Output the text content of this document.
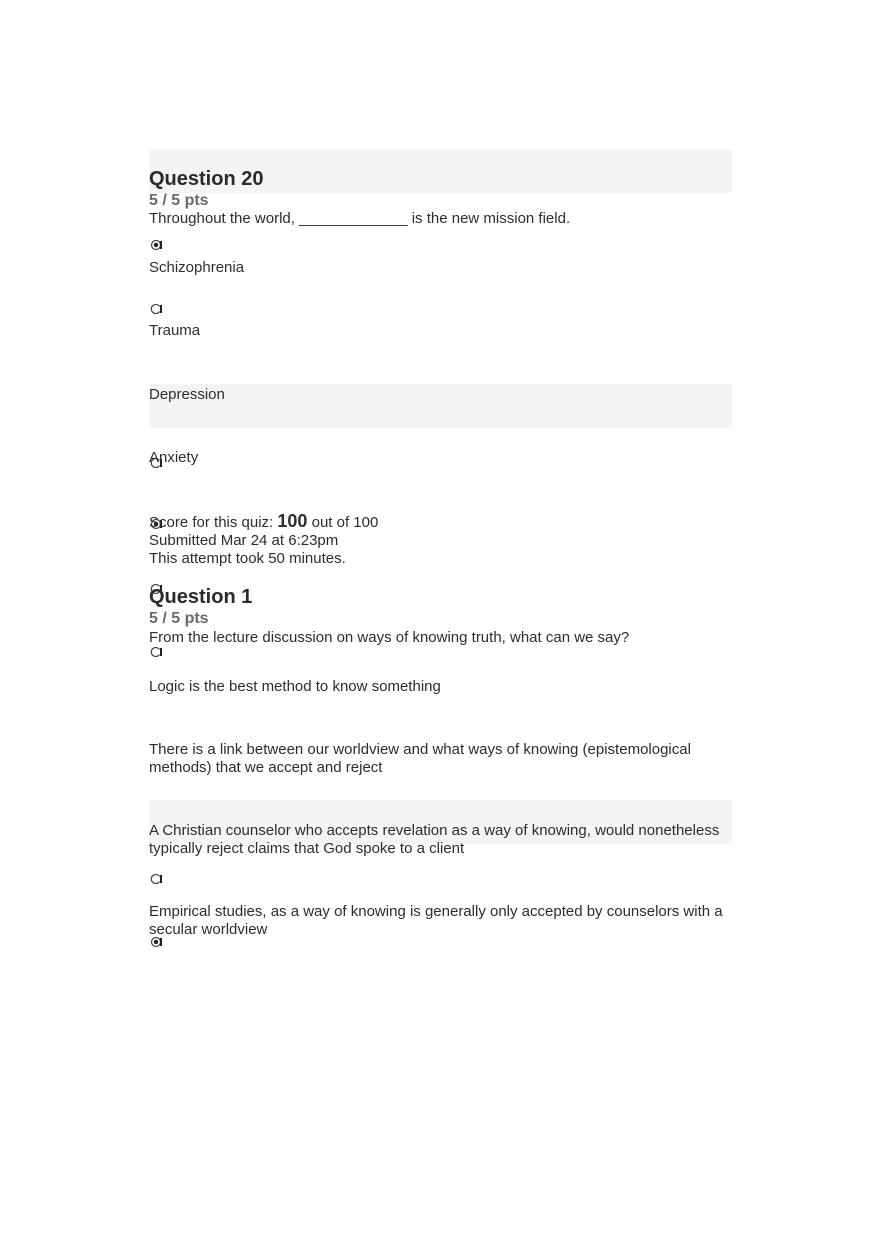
Question 20
5 / 5 pts
Throughout the world, _____________ is the new mission field.
Schizophrenia
Trauma
Depression
Anxiety
Score for this quiz: 100 out of 100
Submitted Mar 24 at 6:23pm
This attempt took 50 minutes.
Question 1
5 / 5 pts
From the lecture discussion on ways of knowing truth, what can we say?
Logic is the best method to know something
There is a link between our worldview and what ways of knowing (epistemological methods) that we accept and reject
A Christian counselor who accepts revelation as a way of knowing, would nonetheless typically reject claims that God spoke to a client
Empirical studies, as a way of knowing is generally only accepted by counselors with a secular worldview
